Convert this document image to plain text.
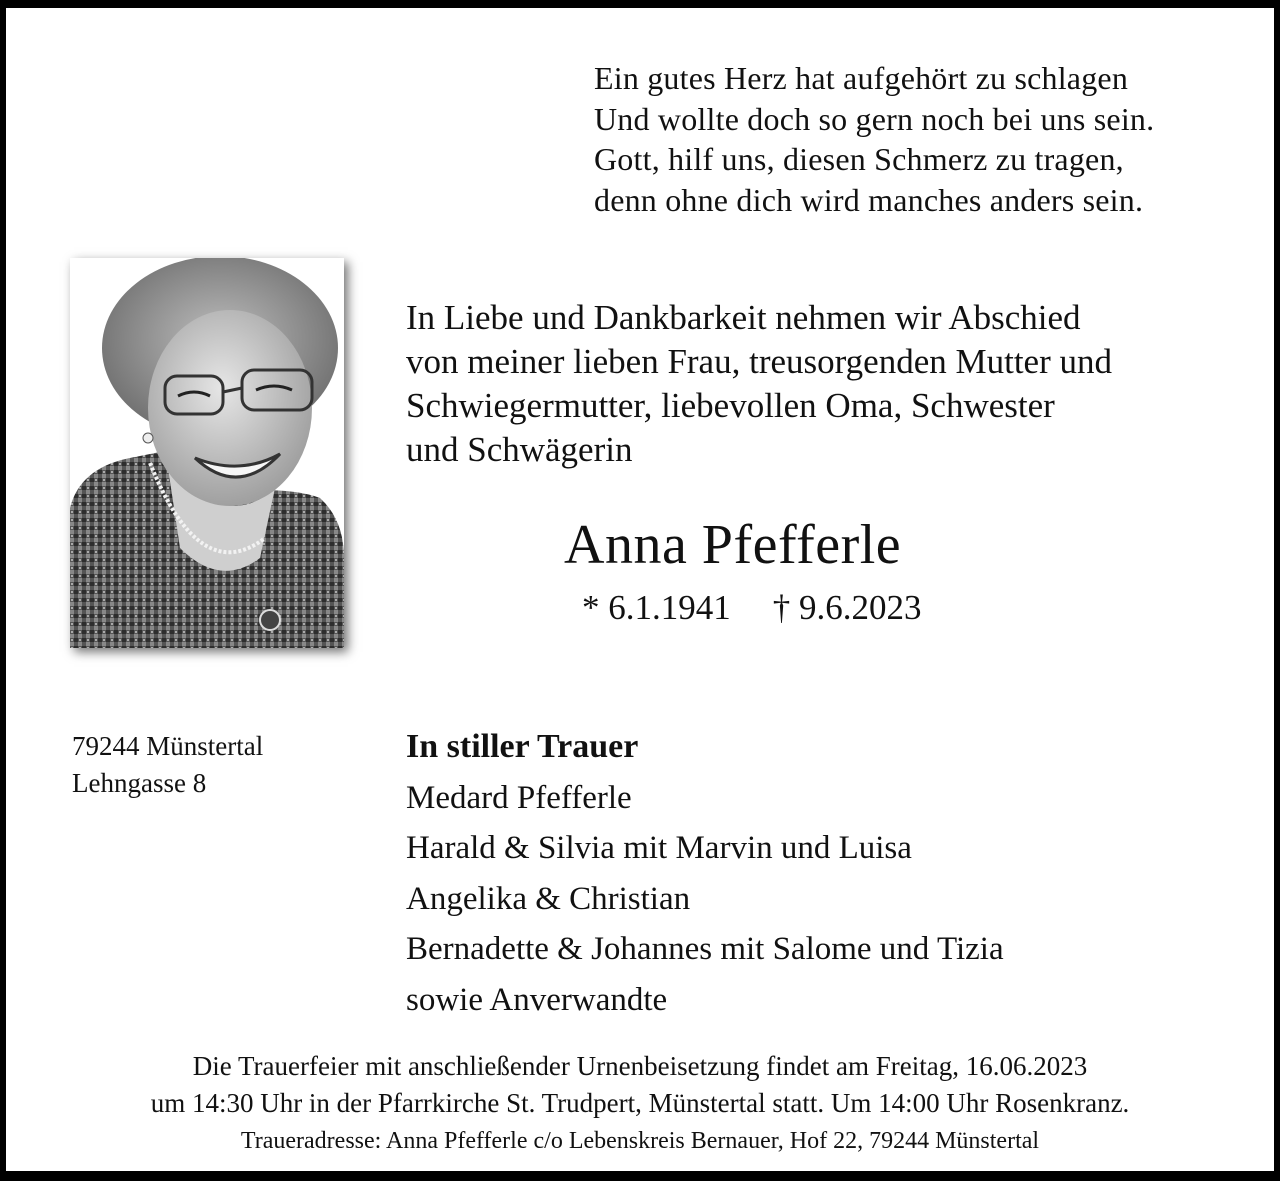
Ein gutes Herz hat aufgehört zu schlagen
Und wollte doch so gern noch bei uns sein.
Gott, hilf uns, diesen Schmerz zu tragen,
denn ohne dich wird manches anders sein.
In Liebe und Dankbarkeit nehmen wir Abschied
von meiner lieben Frau, treusorgenden Mutter und
Schwiegermutter, liebevollen Oma, Schwester
und Schwägerin
Anna Pfefferle
* 6.1.1941 † 9.6.2023
79244 Münstertal
Lehngasse 8
In stiller Trauer
Medard Pfefferle
Harald & Silvia mit Marvin und Luisa
Angelika & Christian
Bernadette & Johannes mit Salome und Tizia
sowie Anverwandte
Die Trauerfeier mit anschließender Urnenbeisetzung findet am Freitag, 16.06.2023
um 14:30 Uhr in der Pfarrkirche St. Trudpert, Münstertal statt. Um 14:00 Uhr Rosenkranz.
Traueradresse: Anna Pfefferle c/o Lebenskreis Bernauer, Hof 22, 79244 Münstertal
